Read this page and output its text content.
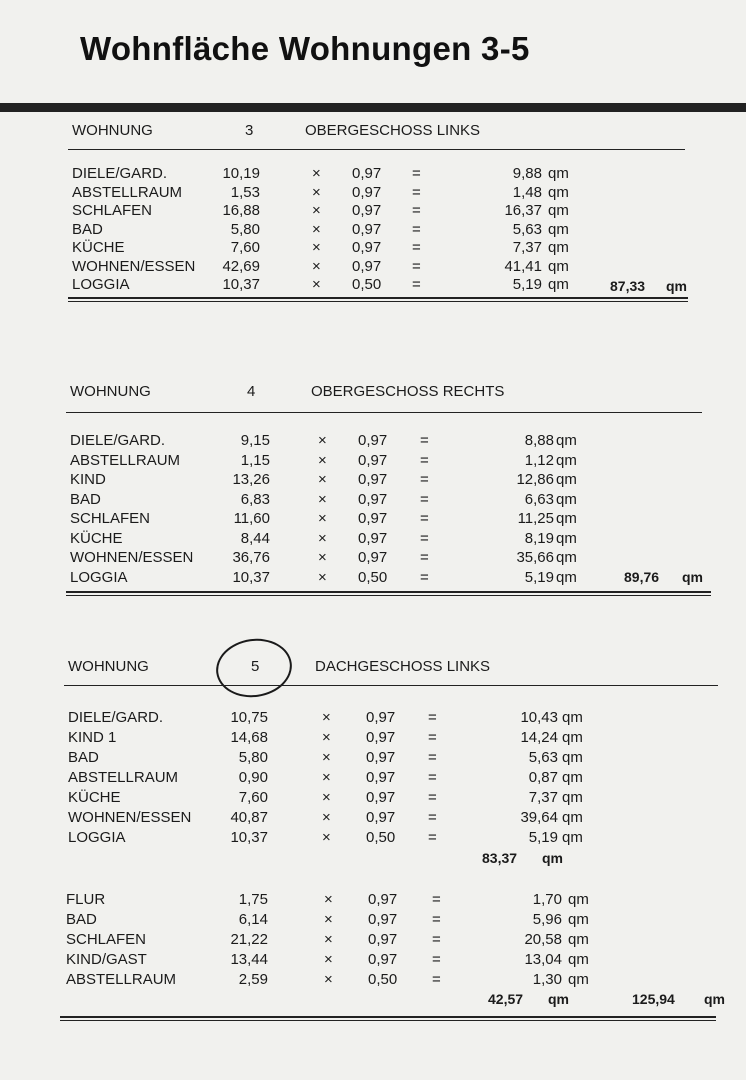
Wohnfläche Wohnungen 3-5
WOHNUNG	3	OBERGESCHOSS LINKS
DIELE/GARD.	10,19	× 0,97 =	9,88 qm
ABSTELLRAUM	1,53	× 0,97 =	1,48 qm
SCHLAFEN	16,88	× 0,97 =	16,37 qm
BAD	5,80	× 0,97 =	5,63 qm
KÜCHE	7,60	× 0,97 =	7,37 qm
WOHNEN/ESSEN	42,69	× 0,97 =	41,41 qm
LOGGIA	10,37	× 0,50 =	5,19 qm	87,33 qm
WOHNUNG	4	OBERGESCHOSS RECHTS
DIELE/GARD.	9,15	× 0,97 =	8,88 qm
ABSTELLRAUM	1,15	× 0,97 =	1,12 qm
KIND	13,26	× 0,97 =	12,86 qm
BAD	6,83	× 0,97 =	6,63 qm
SCHLAFEN	11,60	× 0,97 =	11,25 qm
KÜCHE	8,44	× 0,97 =	8,19 qm
WOHNEN/ESSEN	36,76	× 0,97 =	35,66 qm
LOGGIA	10,37	× 0,50 =	5,19 qm	89,76 qm
WOHNUNG	5	DACHGESCHOSS LINKS
DIELE/GARD.	10,75	× 0,97 =	10,43 qm
KIND 1	14,68	× 0,97 =	14,24 qm
BAD	5,80	× 0,97 =	5,63 qm
ABSTELLRAUM	0,90	× 0,97 =	0,87 qm
KÜCHE	7,60	× 0,97 =	7,37 qm
WOHNEN/ESSEN	40,87	× 0,97 =	39,64 qm
LOGGIA	10,37	× 0,50 =	5,19 qm
83,37 qm
FLUR	1,75	× 0,97 =	1,70 qm
BAD	6,14	× 0,97 =	5,96 qm
SCHLAFEN	21,22	× 0,97 =	20,58 qm
KIND/GAST	13,44	× 0,97 =	13,04 qm
ABSTELLRAUM	2,59	× 0,50 =	1,30 qm
42,57 qm	125,94 qm
